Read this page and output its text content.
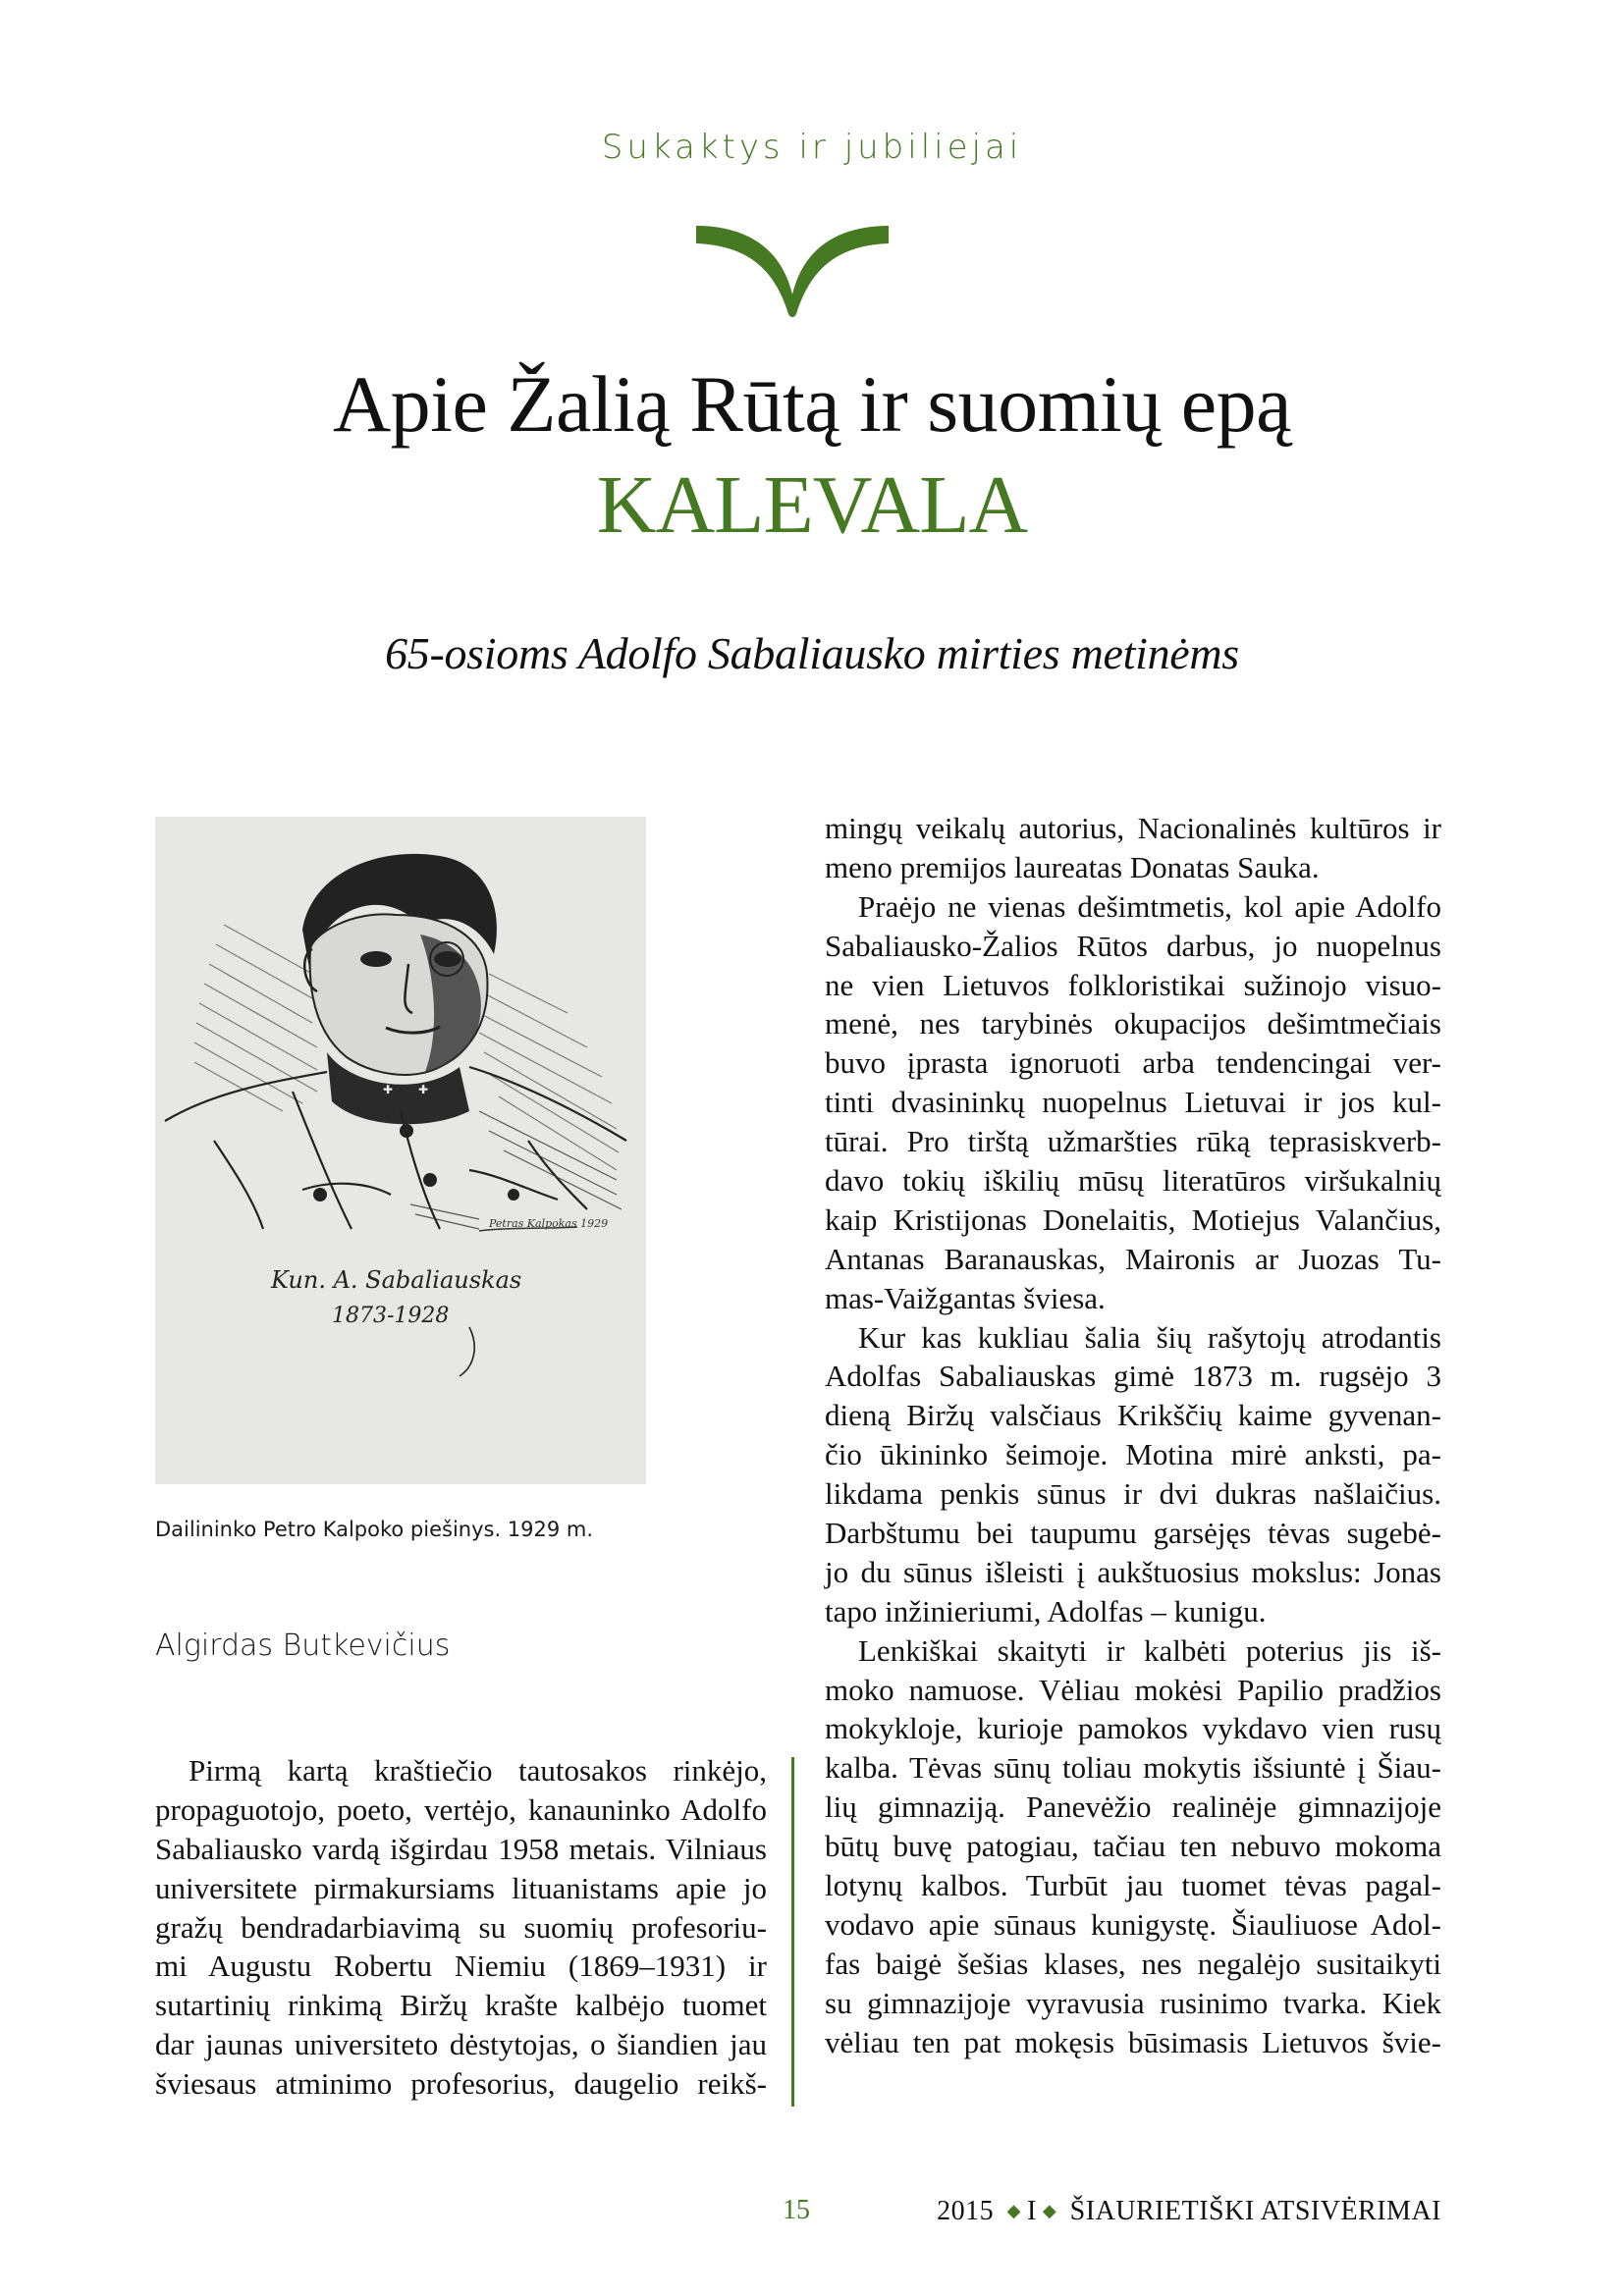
Sukaktys ir jubiliejai
Apie Žalią Rūtą ir suomių epą
KALEVALA
65-osioms Adolfo Sabaliausko mirties metinėms
✚ ✚
Petras Kalpokas 1929
Kun. A. Sabaliauskas
1873-1928
Dailininko Petro Kalpoko piešinys. 1929 m.
Algirdas Butkevičius
Pirmą kartą kraštiečio tautosakos rinkėjo,
propaguotojo, poeto, vertėjo, kanauninko Adolfo
Sabaliausko vardą išgirdau 1958 metais. Vilniaus
universitete pirmakursiams lituanistams apie jo
gražų bendradarbiavimą su suomių profesoriu-
mi Augustu Robertu Niemiu (1869–1931) ir
sutartinių rinkimą Biržų krašte kalbėjo tuomet
dar jaunas universiteto dėstytojas, o šiandien jau
šviesaus atminimo profesorius, daugelio reikš-
mingų veikalų autorius, Nacionalinės kultūros ir
meno premijos laureatas Donatas Sauka.
Praėjo ne vienas dešimtmetis, kol apie Adolfo
Sabaliausko-Žalios Rūtos darbus, jo nuopelnus
ne vien Lietuvos folkloristikai sužinojo visuo-
menė, nes tarybinės okupacijos dešimtmečiais
buvo įprasta ignoruoti arba tendencingai ver-
tinti dvasininkų nuopelnus Lietuvai ir jos kul-
tūrai. Pro tirštą užmaršties rūką teprasiskverb-
davo tokių iškilių mūsų literatūros viršukalnių
kaip Kristijonas Donelaitis, Motiejus Valančius,
Antanas Baranauskas, Maironis ar Juozas Tu-
mas-Vaižgantas šviesa.
Kur kas kukliau šalia šių rašytojų atrodantis
Adolfas Sabaliauskas gimė 1873 m. rugsėjo 3
dieną Biržų valsčiaus Krikščių kaime gyvenan-
čio ūkininko šeimoje. Motina mirė anksti, pa-
likdama penkis sūnus ir dvi dukras našlaičius.
Darbštumu bei taupumu garsėjęs tėvas sugebė-
jo du sūnus išleisti į aukštuosius mokslus: Jonas
tapo inžinieriumi, Adolfas – kunigu.
Lenkiškai skaityti ir kalbėti poterius jis iš-
moko namuose. Vėliau mokėsi Papilio pradžios
mokykloje, kurioje pamokos vykdavo vien rusų
kalba. Tėvas sūnų toliau mokytis išsiuntė į Šiau-
lių gimnaziją. Panevėžio realinėje gimnazijoje
būtų buvę patogiau, tačiau ten nebuvo mokoma
lotynų kalbos. Turbūt jau tuomet tėvas pagal-
vodavo apie sūnaus kunigystę. Šiauliuose Adol-
fas baigė šešias klases, nes negalėjo susitaikyti
su gimnazijoje vyravusia rusinimo tvarka. Kiek
vėliau ten pat mokęsis būsimasis Lietuvos švie-
15	2015 ◆ I ◆ ŠIAURIETIŠKI ATSIVĖRIMAI
